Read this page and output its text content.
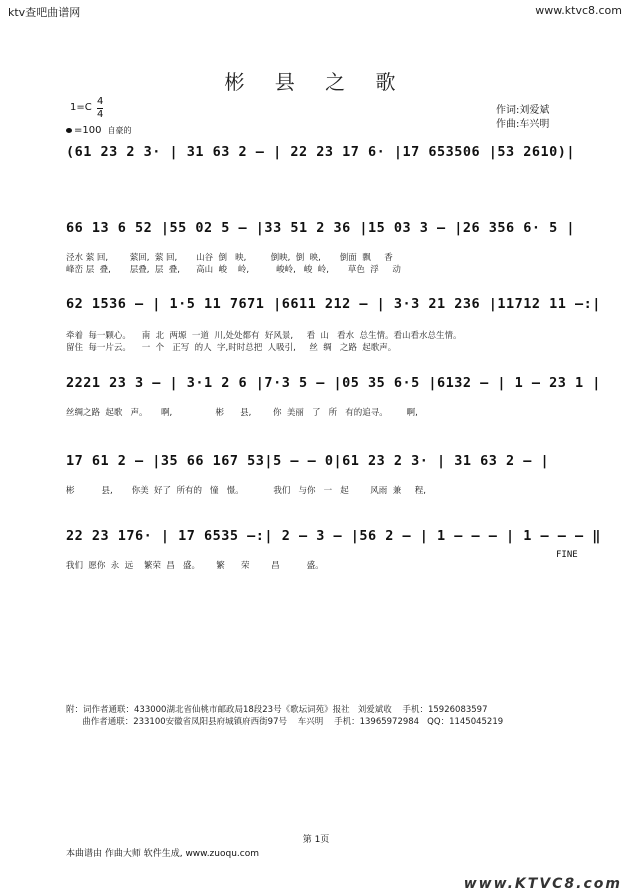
ktv查吧曲谱网	www.ktvc8.com
彬 县 之 歌
$1=C \frac{4}{4}$
=100 自豪的
作词:刘爱斌
作曲:车兴明
(61 23 2 3· | 31 63 2 – | 22 23 17 6· |17 653506 |53 2610)|
66 13 6 52 |55 02 5 – |33 51 2 36 |15 03 3 – |26 356 6· 5 |
泾水 萦 回,        萦回,  萦 回,       山谷  倒   映,         倒映,  倒  映,       倒面  飘     香
峰峦 层  叠,       层叠,  层  叠,      高山  峻    岭,          峻岭,   峻  岭,       草色  浮     动
62 1536 – | 1·5 11 7671 |6611 212 – | 3·3 21 236 |11712 11 –:|
牵着  每一颗心。    南  北  两塬  一道  川,处处都有  好风景,     看  山   看水  总生情。看山看水总生情。
留住  每一片云。    一  个   正写  的人  字,时时总把  人吸引,     丝  绸   之路  起歌声。
2221 23 3 – | 3·1 2 6 |7·3 5 – |05 35 6·5 |6132 – | 1 – 23 1 |
丝绸之路  起歌   声。     啊,                彬      县,        你  美丽   了   所   有的追寻。       啊,
17 61 2 – |35 66 167 53|5 – – 0|61 23 2 3· | 31 63 2 – |
彬          县,       你美  好了  所有的   憧   憬。           我们   与你   一   起        风雨  兼     程,
22 23 176· | 17 6535 –:| 2 – 3 – |56 2 – | 1 – – – | 1 – – – ‖
FINE
我们  愿你  永  远    繁荣  昌   盛。      繁      荣        昌          盛。
附：词作者通联：433000湖北省仙桃市邮政局18段23号《歌坛词苑》报社   刘爱斌收    手机：15926083597
曲作者通联：233100安徽省凤阳县府城镇府西街97号    车兴明    手机：13965972984   QQ：1145045219
第 1页
本曲谱由 作曲大师 软件生成, www.zuoqu.com
www.KTVC8.com
